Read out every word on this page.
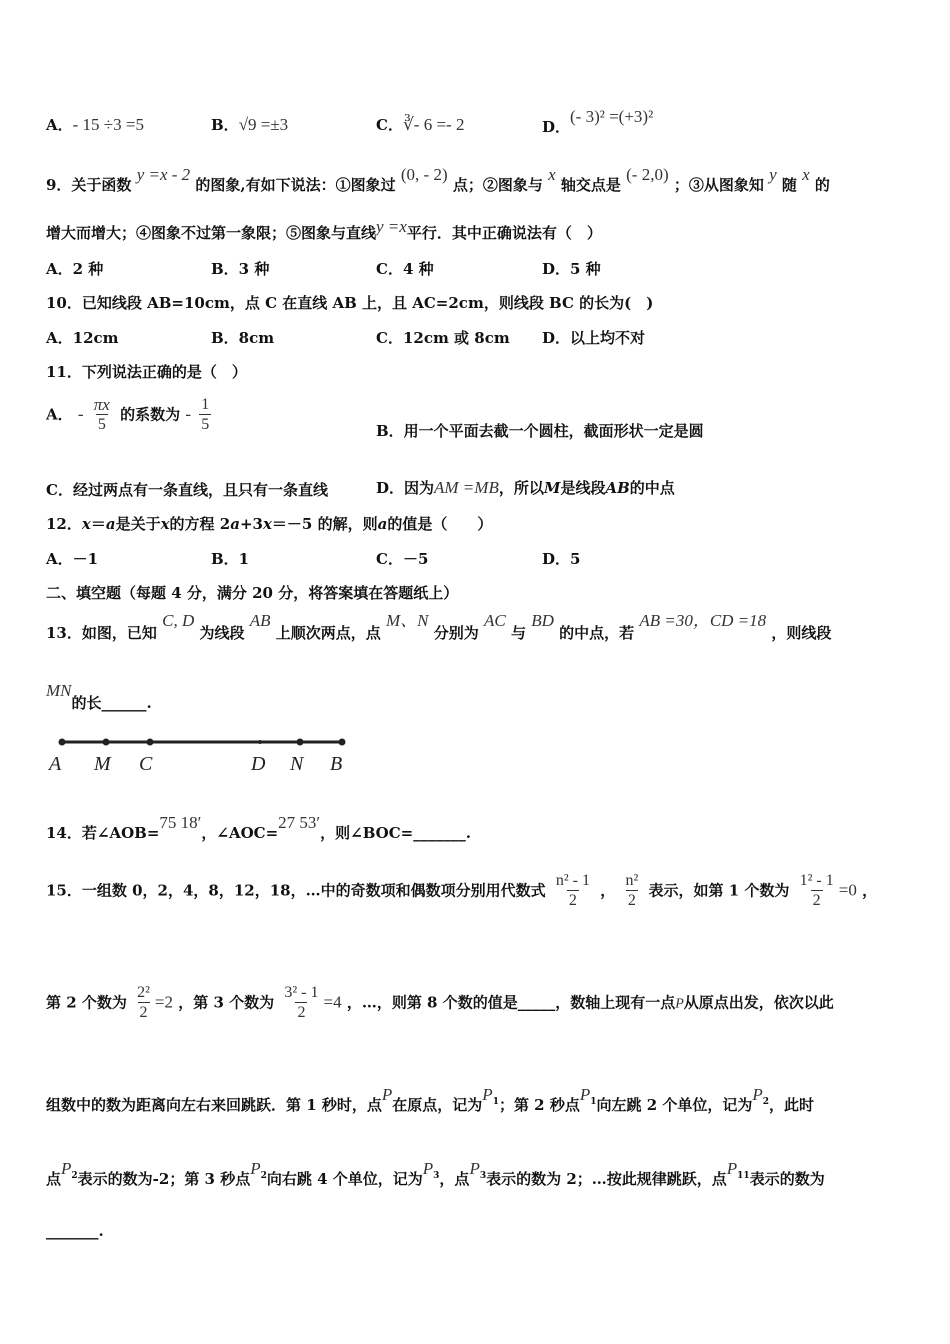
A．- 15 ÷3 =5	B．√9 =±3	C．∛- 6 =- 2	D．(- 3)² =(+3)²
9．关于函数 y =x - 2 的图象,有如下说法：①图象过 (0, - 2) 点；②图象与 x 轴交点是 (- 2,0) ；③从图象知 y 随 x 的
增大而增大；④图象不过第一象限；⑤图象与直线y =x平行．其中正确说法有（　）
A．2 种	B．3 种	C．4 种	D．5 种
10．已知线段 AB=10cm，点 C 在直线 AB 上，且 AC=2cm，则线段 BC 的长为(　)
A．12cm	B．8cm	C．12cm 或 8cm D．以上均不对
11．下列说法正确的是（　）
A． - $\frac{\pi x}{5}$ 的系数为 - $\frac{1}{5}$	B．用一个平面去截一个圆柱，截面形状一定是圆
C．经过两点有一条直线，且只有一条直线	D．因为AM =MB，所以M是线段AB的中点
12．x＝a是关于x的方程 2a+3x＝－5 的解，则a的值是（　　）
A．－1	B．1	C．－5	D．5
二、填空题（每题 4 分，满分 20 分，将答案填在答题纸上）
13．如图，已知 C, D 为线段 AB 上顺次两点，点 M、N 分别为 AC 与 BD 的中点，若 AB =30，CD =18 ，则线段
MN的长______.
A M C	D N B
14．若∠AOB=75 18′，∠AOC=27 53′，则∠BOC=_______.
15．一组数 0，2，4，8，12，18，…中的奇数项和偶数项分别用代数式 $\frac{\text{n² - 1}}{2}$ ， $\frac{\text{n²}}{2}$ 表示，如第 1 个数为 $\frac{\text{1² - 1}}{2} =0$ ，
第 2 个数为 $\frac{\text{2²}}{2} =2$ ，第 3 个数为 $\frac{\text{3² - 1}}{2} =4$ ，…，则第 8 个数的值是_____，数轴上现有一点P从原点出发，依次以此
组数中的数为距离向左右来回跳跃．第 1 秒时，点P在原点，记为$P_1$；第 2 秒点$P_1$向左跳 2 个单位，记为$P_2$，此时
点$P_2$表示的数为-2；第 3 秒点$P_2$向右跳 4 个单位，记为$P_3$，点$P_3$表示的数为 2；…按此规律跳跃，点$P_{11}$表示的数为
_______.
